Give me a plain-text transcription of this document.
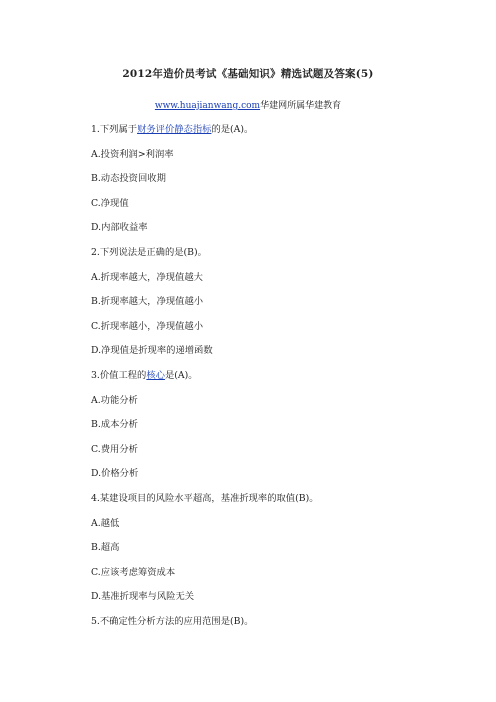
2012年造价员考试《基础知识》精选试题及答案(5)
www.huajianwang.com华建网所属华建教育
1.下列属于财务评价静态指标的是(A)。
A.投资利润>利润率
B.动态投资回收期
C.净现值
D.内部收益率
2.下列说法是正确的是(B)。
A.折现率越大，净现值越大
B.折现率越大，净现值越小
C.折现率越小，净现值越小
D.净现值是折现率的递增函数
3.价值工程的核心是(A)。
A.功能分析
B.成本分析
C.费用分析
D.价格分析
4.某建设项目的风险水平超高，基准折现率的取值(B)。
A.越低
B.超高
C.应该考虑筹资成本
D.基准折现率与风险无关
5.不确定性分析方法的应用范围是(B)。
